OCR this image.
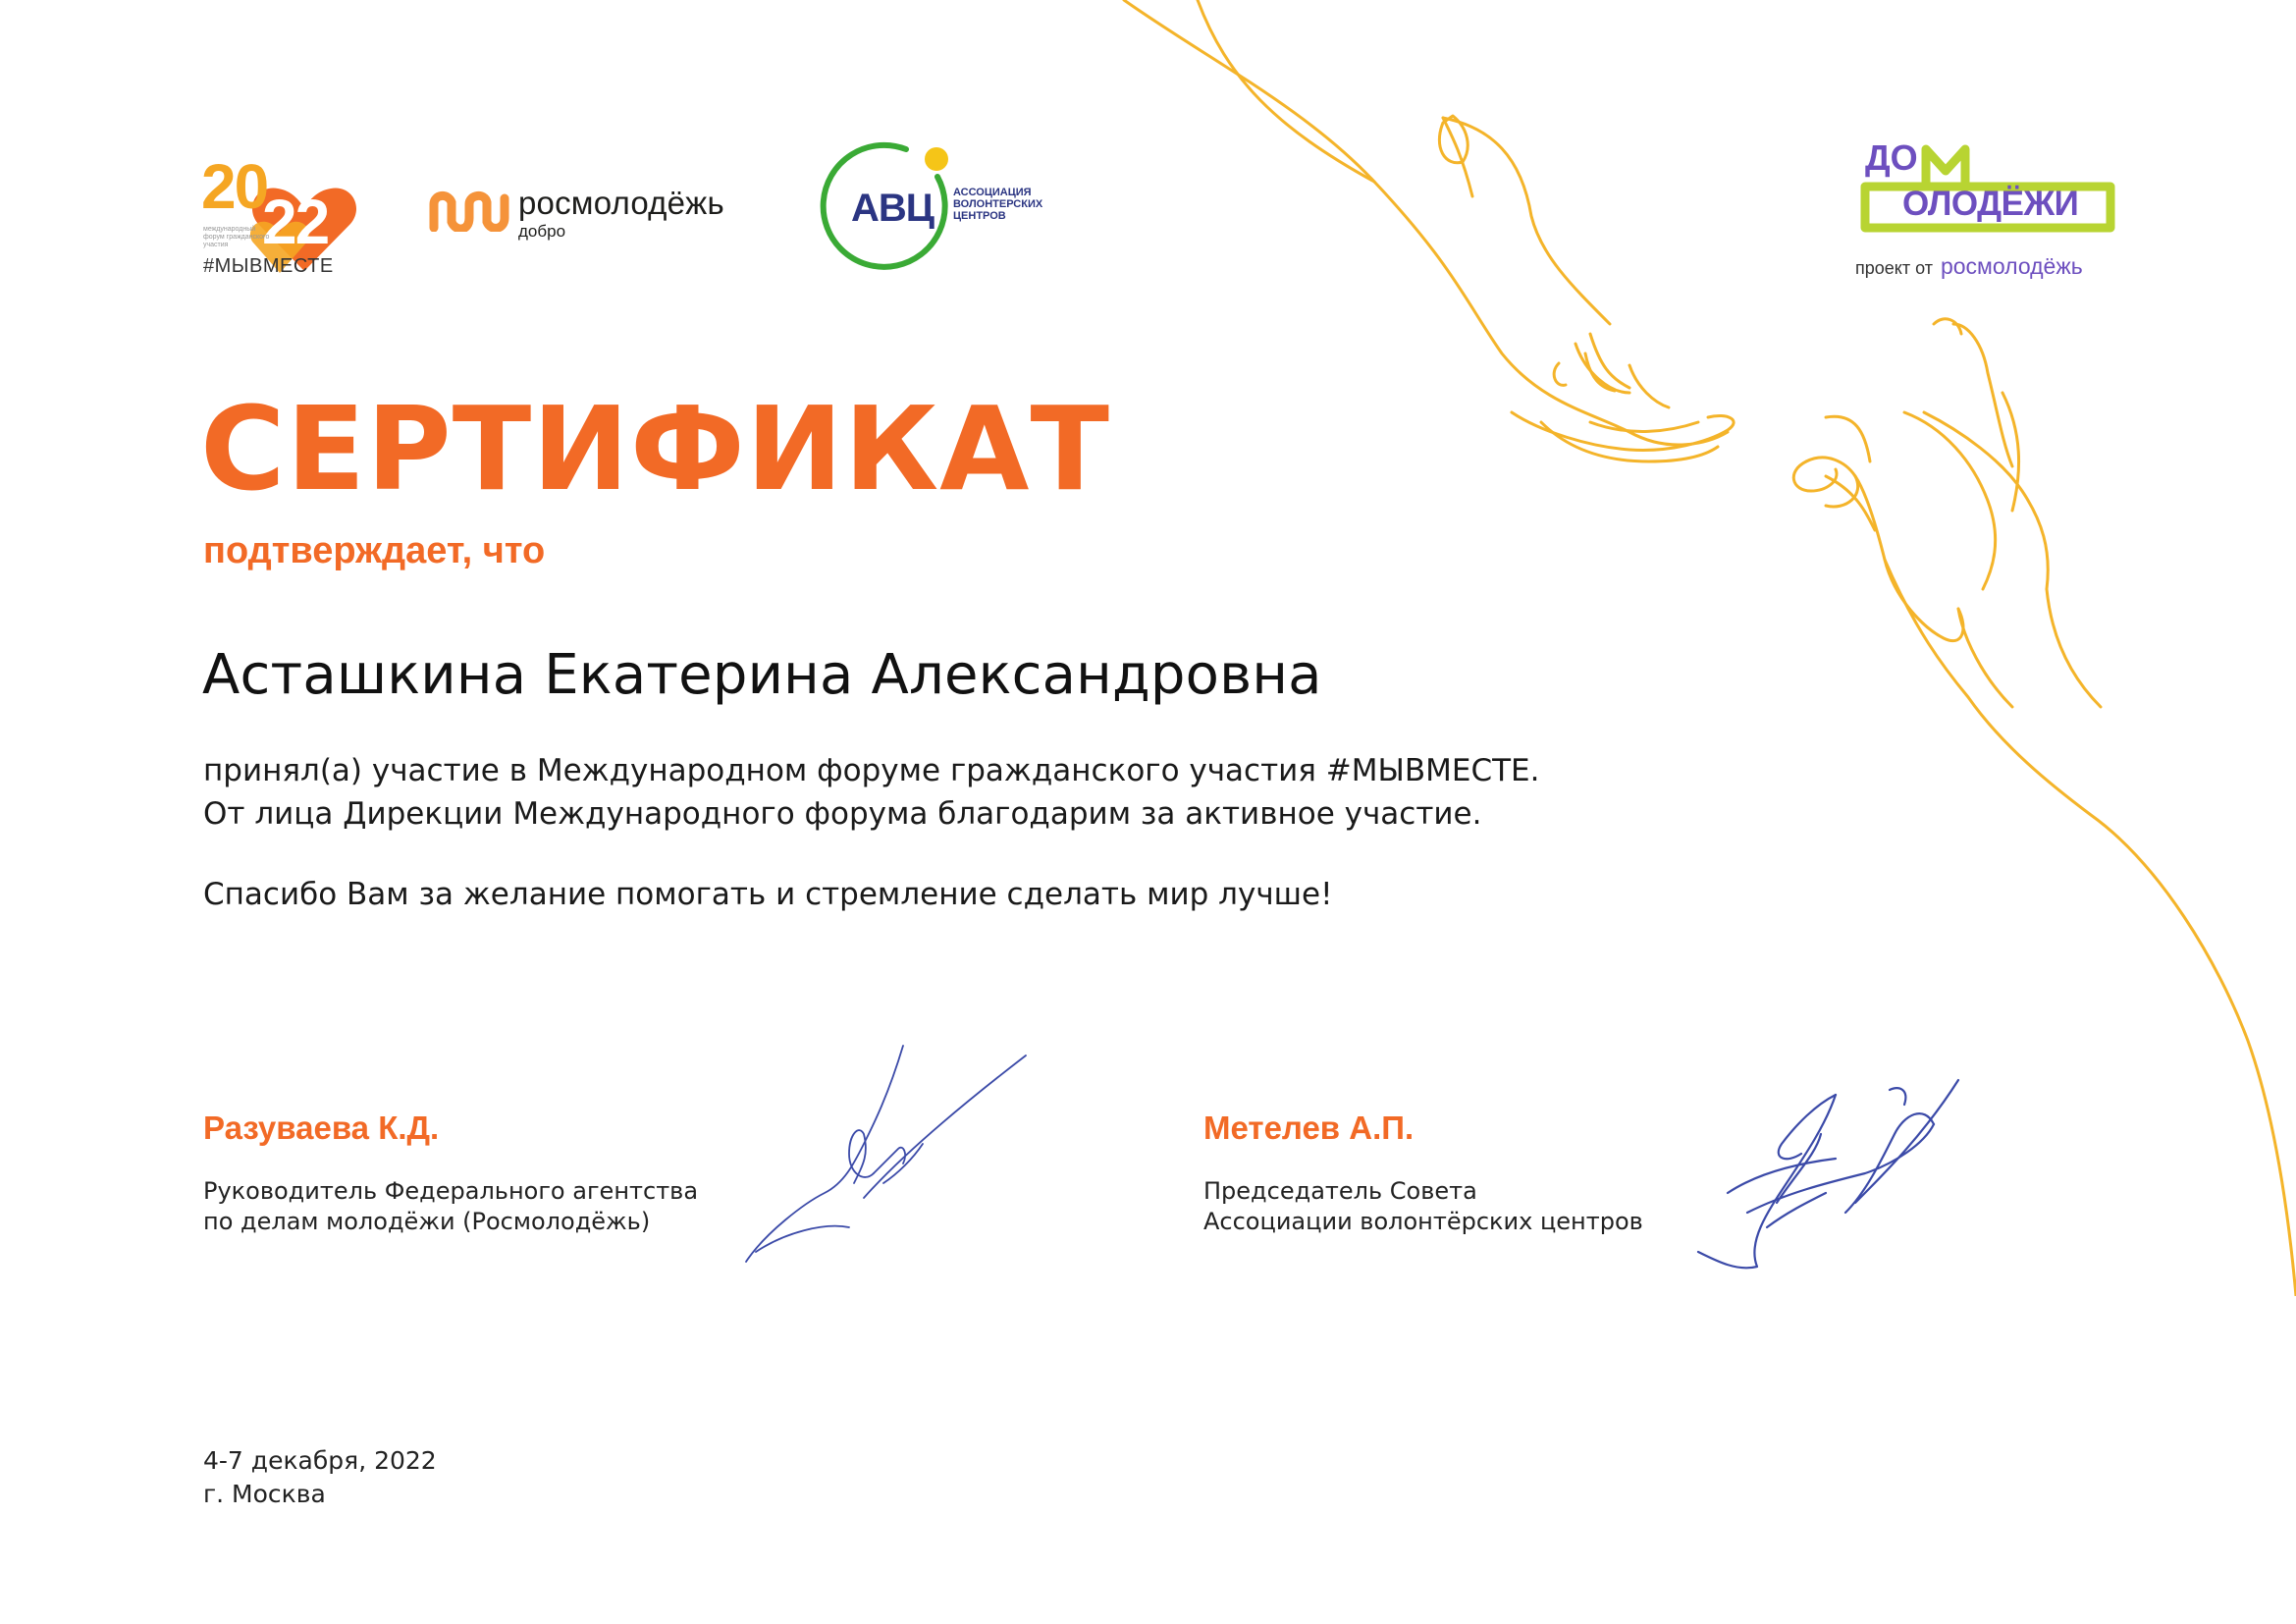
20
22
международный форум гражданского участия
#МЫВМЕСТЕ
росмолодёжь
добро
АВЦ	АССОЦИАЦИЯ
ВОЛОНТЕРСКИХ
ЦЕНТРОВ
ДО
ОЛОДЁЖИ
проект от росмолодёжь
СЕРТИФИКАТ
подтверждает, что
Асташкина Екатерина Александровна

принял(а) участие в Международном форуме гражданского участия #МЫВМЕСТЕ.

От лица Дирекции Международного форума благодарим за активное участие.

Спасибо Вам за желание помогать и стремление сделать мир лучше!

Разуваева К.Д.
Руководитель Федерального агентства
по делам молодёжи (Росмолодёжь)
Метелев А.П.
Председатель Совета
Ассоциации волонтёрских центров
4-7 декабря, 2022
г. Москва
